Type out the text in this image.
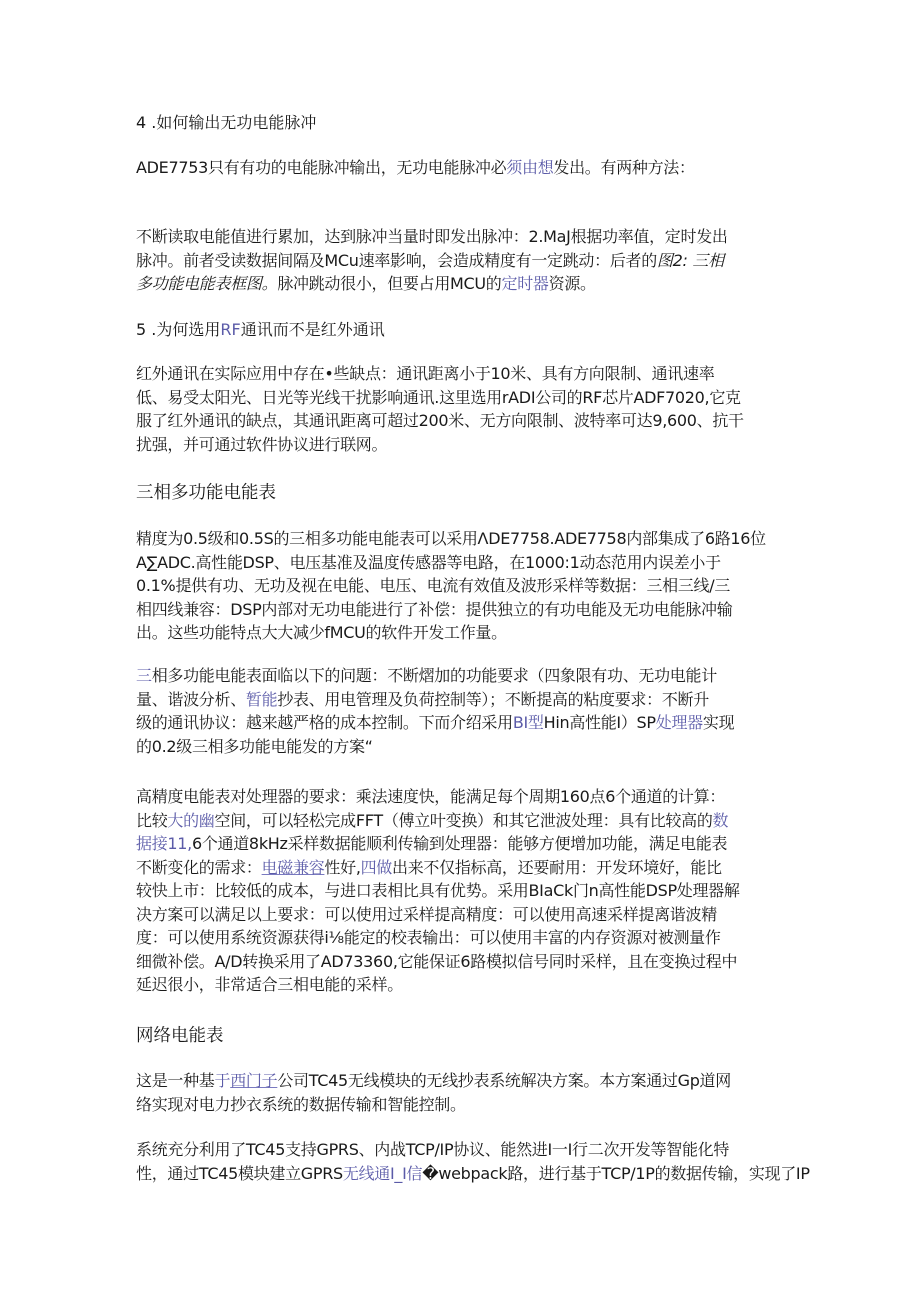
4 .如何输出无功电能脉冲

ADE7753只有有功的电能脉冲输出，无功电能脉冲必须由想发出。有两种方法：

不断读取电能值进行累加，达到脉冲当量时即发出脉冲：2.MaJ根据功率值，定时发出
脉冲。前者受读数据间隔及MCu速率影响，会造成精度有一定跳动：后者的图2: 三相
多功能电能表框图。脉冲跳动很小，但要占用MCU的定时器资源。

5 .为何选用RF通讯而不是红外通讯

红外通讯在实际应用中存在•些缺点：通讯距离小于10米、具有方向限制、通讯速率
低、易受太阳光、日光等光线干扰影响通讯.这里选用rADI公司的RF芯片ADF7020,它克
服了红外通讯的缺点，其通讯距离可超过200米、无方向限制、波特率可达9,600、抗干
扰强，并可通过软件协议进行联网。

三相多功能电能表

精度为0.5级和0.5S的三相多功能电能表可以采用ΛDE7758.ADE7758内部集成了6路16位
A∑ADC.高性能DSP、电压基准及温度传感器等电路，在1000:1动态范用内误差小于
0.1%提供有功、无功及视在电能、电压、电流有效值及波形采样等数据：三相三线/三
相四线兼容：DSP内部对无功电能进行了补偿：提供独立的有功电能及无功电能脉冲输
出。这些功能特点大大减少fMCU的软件开发工作量。

三相多功能电能表面临以下的问题：不断熠加的功能要求（四象限有功、无功电能计
量、谐波分析、暂能抄表、用电管理及负荷控制等）；不断提高的粘度要求：不断升
级的通讯协议：越来越严格的成本控制。下而介绍采用BI型Hin高性能I）SP处理器实现
的0.2级三相多功能电能发的方案“

高精度电能表对处理器的要求：乘法速度快，能满足每个周期160点6个通道的计算：
比较大的幽空间，可以轻松完成FFT（傅立叶变换）和其它泄波处理：具有比较高的数
据接11,6个通道8kHz采样数据能顺利传输到处理器：能够方便增加功能，满足电能表
不断变化的需求：电磁兼容性好,四做出来不仅指标高，还要耐用：开发环境好，能比
较快上市：比较低的成本，与进口表相比具有优势。采用BIaCk门n高性能DSP处理器解
决方案可以满足以上要求：可以使用过采样提高精度：可以使用高速采样提离谐波精
度：可以使用系统资源获得i⅛能定的校表输出：可以使用丰富的内存资源对被测量作
细微补偿。A/D转换采用了AD73360,它能保证6路模拟信号同时采样，且在变换过程中
延迟很小，非常适合三相电能的采样。

网络电能表

这是一种基于西门子公司TC45无线模块的无线抄表系统解决方案。本方案通过Gp道网
络实现对电力抄衣系统的数据传输和智能控制。

系统充分利用了TC45支持GPRS、内战TCP/IP协议、能然进I一I行二次开发等智能化特
性，通过TC45模块建立GPRS无线通I_I信�webpack路，进行基于TCP/1P的数据传输，实现了IP
